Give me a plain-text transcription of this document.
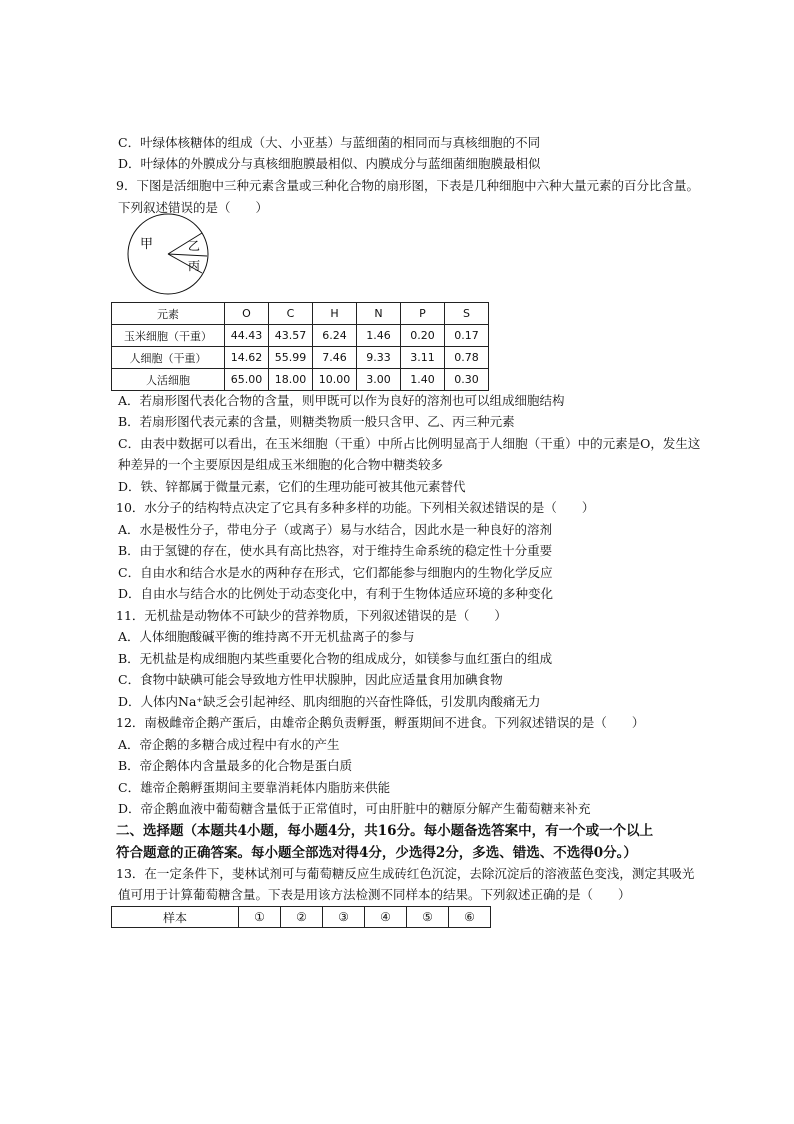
C．叶绿体核糖体的组成（大、小亚基）与蓝细菌的相同而与真核细胞的不同
D．叶绿体的外膜成分与真核细胞膜最相似、内膜成分与蓝细菌细胞膜最相似
9．下图是活细胞中三种元素含量或三种化合物的扇形图，下表是几种细胞中六种大量元素的百分比含量。
下列叙述错误的是（　　）
甲	乙
丙
元素	O	C	H	N	P	S
玉米细胞（干重）	44.43	43.57	6.24	1.46	0.20	0.17
人细胞（干重）	14.62	55.99	7.46	9.33	3.11	0.78
人活细胞	65.00	18.00	10.00	3.00	1.40	0.30
A．若扇形图代表化合物的含量，则甲既可以作为良好的溶剂也可以组成细胞结构
B．若扇形图代表元素的含量，则糖类物质一般只含甲、乙、丙三种元素
C．由表中数据可以看出，在玉米细胞（干重）中所占比例明显高于人细胞（干重）中的元素是O，发生这
种差异的一个主要原因是组成玉米细胞的化合物中糖类较多
D．铁、锌都属于微量元素，它们的生理功能可被其他元素替代
10．水分子的结构特点决定了它具有多种多样的功能。下列相关叙述错误的是（　　）
A．水是极性分子，带电分子（或离子）易与水结合，因此水是一种良好的溶剂
B．由于氢键的存在，使水具有高比热容，对于维持生命系统的稳定性十分重要
C．自由水和结合水是水的两种存在形式，它们都能参与细胞内的生物化学反应
D．自由水与结合水的比例处于动态变化中，有利于生物体适应环境的多种变化
11．无机盐是动物体不可缺少的营养物质，下列叙述错误的是（　　）
A．人体细胞酸碱平衡的维持离不开无机盐离子的参与
B．无机盐是构成细胞内某些重要化合物的组成成分，如镁参与血红蛋白的组成
C．食物中缺碘可能会导致地方性甲状腺肿，因此应适量食用加碘食物
D．人体内Na⁺缺乏会引起神经、肌肉细胞的兴奋性降低，引发肌肉酸痛无力
12．南极雌帝企鹅产蛋后，由雄帝企鹅负责孵蛋，孵蛋期间不进食。下列叙述错误的是（　　）
A．帝企鹅的多糖合成过程中有水的产生
B．帝企鹅体内含量最多的化合物是蛋白质
C．雄帝企鹅孵蛋期间主要靠消耗体内脂肪来供能
D．帝企鹅血液中葡萄糖含量低于正常值时，可由肝脏中的糖原分解产生葡萄糖来补充
二、选择题（本题共4小题，每小题4分，共16分。每小题备选答案中，有一个或一个以上
符合题意的正确答案。每小题全部选对得4分，少选得2分，多选、错选、不选得0分。）
13．在一定条件下，斐林试剂可与葡萄糖反应生成砖红色沉淀，去除沉淀后的溶液蓝色变浅，测定其吸光
值可用于计算葡萄糖含量。下表是用该方法检测不同样本的结果。下列叙述正确的是（　　）
样本	①	②	③	④	⑤	⑥
